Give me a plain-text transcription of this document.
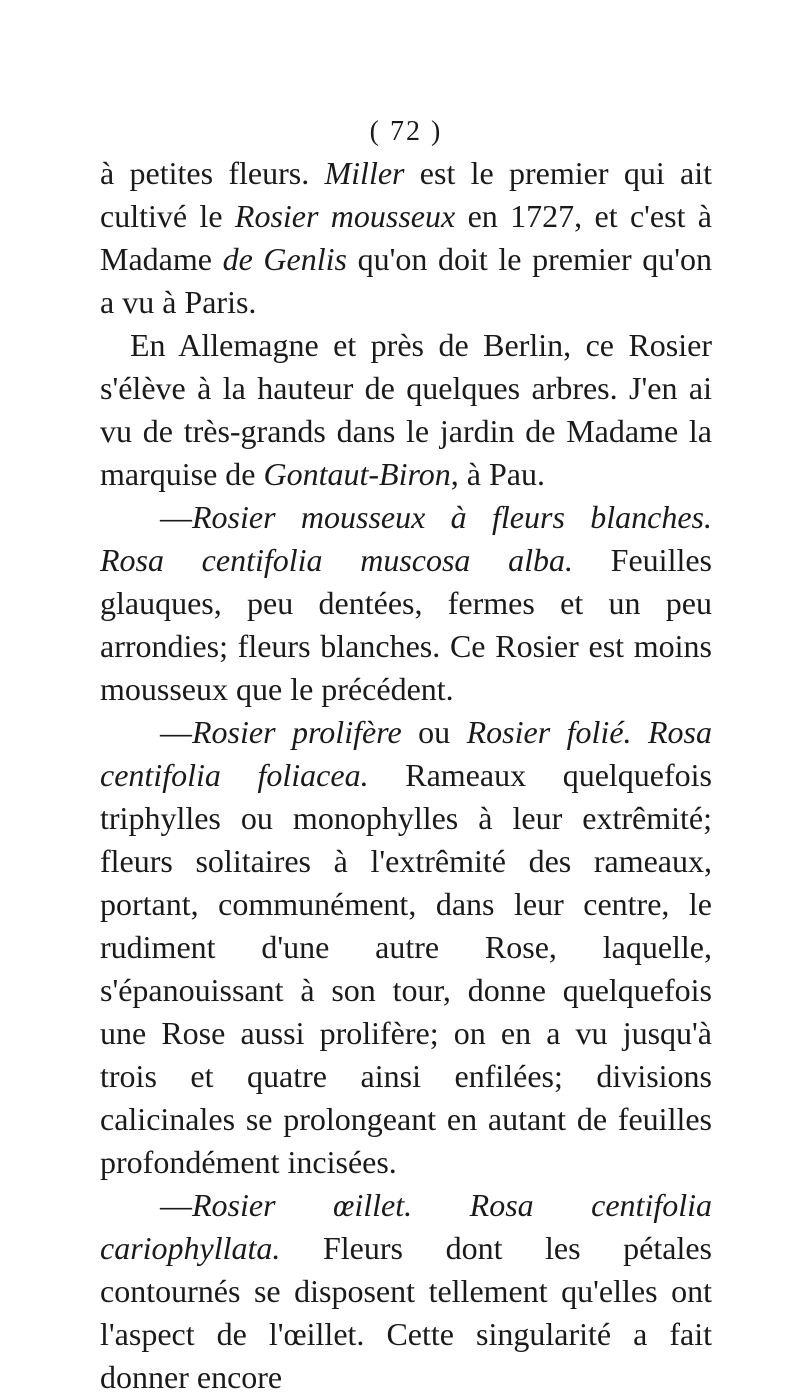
( 72 )

à petites fleurs. Miller est le premier qui ait cultivé le Rosier mousseux en 1727, et c'est à Madame de Genlis qu'on doit le premier qu'on a vu à Paris.

En Allemagne et près de Berlin, ce Rosier s'élève à la hauteur de quelques arbres. J'en ai vu de très-grands dans le jardin de Madame la marquise de Gontaut-Biron, à Pau.

—Rosier mousseux à fleurs blanches. Rosa centifolia muscosa alba. Feuilles glauques, peu dentées, fermes et un peu arrondies; fleurs blanches. Ce Rosier est moins mousseux que le précédent.

—Rosier prolifère ou Rosier folié. Rosa centifolia foliacea. Rameaux quelquefois triphylles ou monophylles à leur extrêmité; fleurs solitaires à l'extrêmité des rameaux, portant, communément, dans leur centre, le rudiment d'une autre Rose, laquelle, s'épanouissant à son tour, donne quelquefois une Rose aussi prolifère; on en a vu jusqu'à trois et quatre ainsi enfilées; divisions calicinales se prolongeant en autant de feuilles profondément incisées.

—Rosier œillet. Rosa centifolia cariophyllata. Fleurs dont les pétales contournés se disposent tellement qu'elles ont l'aspect de l'œillet. Cette singularité a fait donner encore
